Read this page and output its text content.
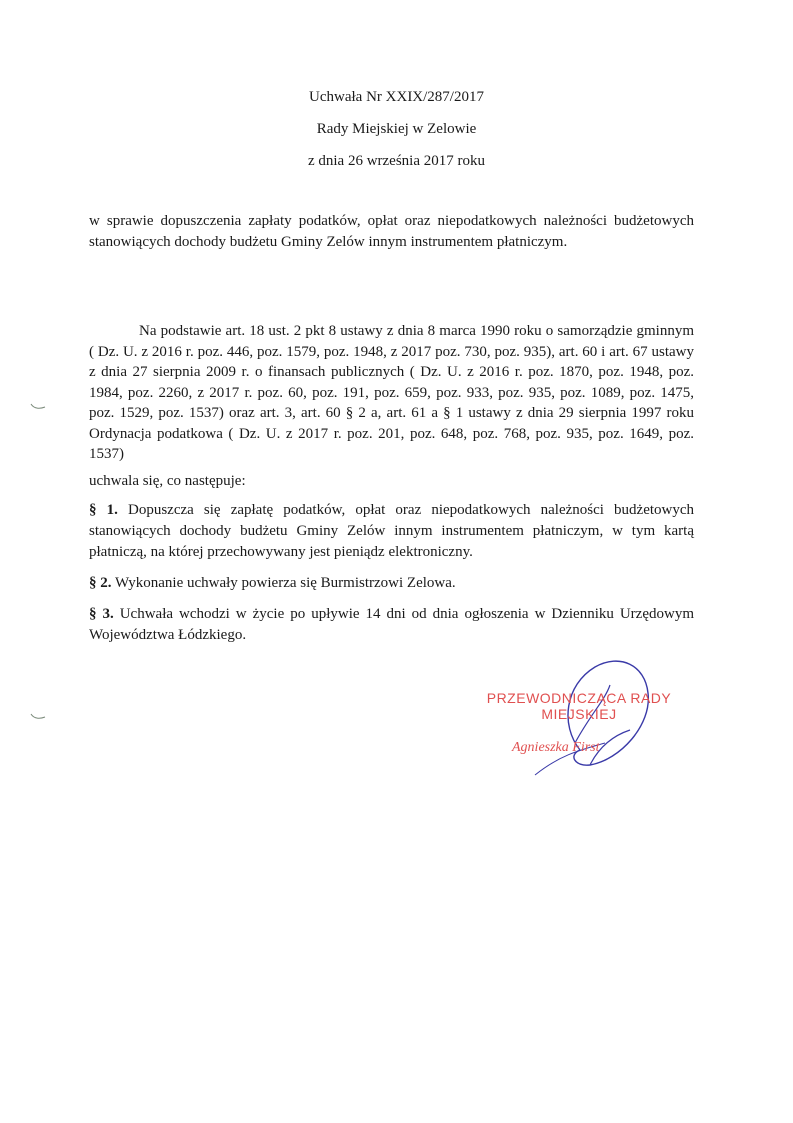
Uchwała Nr XXIX/287/2017
Rady Miejskiej w Zelowie
z dnia 26 września 2017 roku
w sprawie dopuszczenia zapłaty podatków, opłat oraz niepodatkowych należności budżetowych stanowiących dochody budżetu Gminy Zelów innym instrumentem płatniczym.
Na podstawie art. 18 ust. 2 pkt 8 ustawy z dnia 8 marca 1990 roku o samorządzie gminnym ( Dz. U. z 2016 r. poz. 446, poz. 1579, poz. 1948, z 2017 poz. 730, poz. 935), art. 60 i art. 67 ustawy z dnia 27 sierpnia 2009 r. o finansach publicznych ( Dz. U. z 2016 r. poz. 1870, poz. 1948, poz. 1984, poz. 2260, z 2017 r. poz. 60, poz. 191, poz. 659, poz. 933, poz. 935, poz. 1089, poz. 1475, poz. 1529, poz. 1537) oraz art. 3, art. 60 § 2 a, art. 61 a § 1 ustawy z dnia 29 sierpnia 1997 roku Ordynacja podatkowa ( Dz. U. z 2017 r. poz. 201, poz. 648, poz. 768, poz. 935, poz. 1649, poz. 1537)
uchwala się, co następuje:
§ 1. Dopuszcza się zapłatę podatków, opłat oraz niepodatkowych należności budżetowych stanowiących dochody budżetu Gminy Zelów innym instrumentem płatniczym, w tym kartą płatniczą, na której przechowywany jest pieniądz elektroniczny.
§ 2. Wykonanie uchwały powierza się Burmistrzowi Zelowa.
§ 3. Uchwała wchodzi w życie po upływie 14 dni od dnia ogłoszenia w Dzienniku Urzędowym Województwa Łódzkiego.
PRZEWODNICZĄCA RADY
MIEJSKIEJ
Agnieszka First
